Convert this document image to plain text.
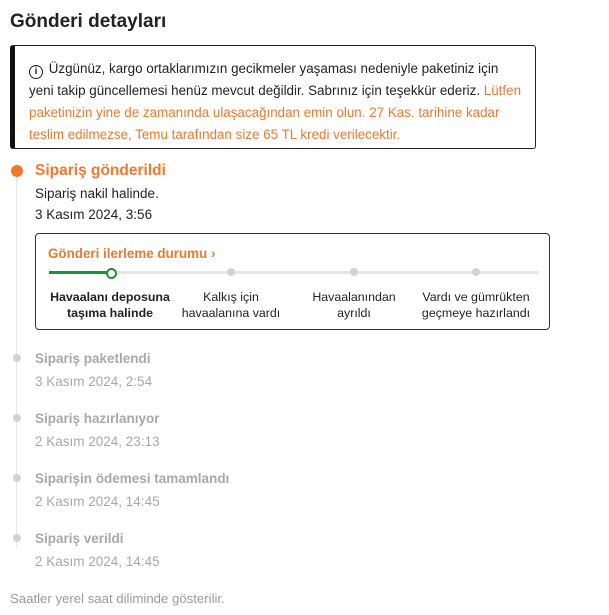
Gönderi detayları
i Üzgünüz, kargo ortaklarımızın gecikmeler yaşaması nedeniyle paketiniz için yeni takip güncellemesi henüz mevcut değildir. Sabrınız için teşekkür ederiz. Lütfen paketinizin yine de zamanında ulaşacağından emin olun. 27 Kas. tarihine kadar teslim edilmezse, Temu tarafından size 65 TL kredi verilecektir.
Sipariş gönderildi
Sipariş nakil halinde.
3 Kasım 2024, 3:56
Gönderi ilerleme durumu ›
Havaalanı deposuna
taşıma halinde
Kalkış için
havaalanına vardı
Havaalanından
ayrıldı
Vardı ve gümrükten
geçmeye hazırlandı
Sipariş paketlendi
3 Kasım 2024, 2:54
Sipariş hazırlanıyor
2 Kasım 2024, 23:13
Siparişin ödemesi tamamlandı
2 Kasım 2024, 14:45
Sipariş verildi
2 Kasım 2024, 14:45
Saatler yerel saat diliminde gösterilir.
